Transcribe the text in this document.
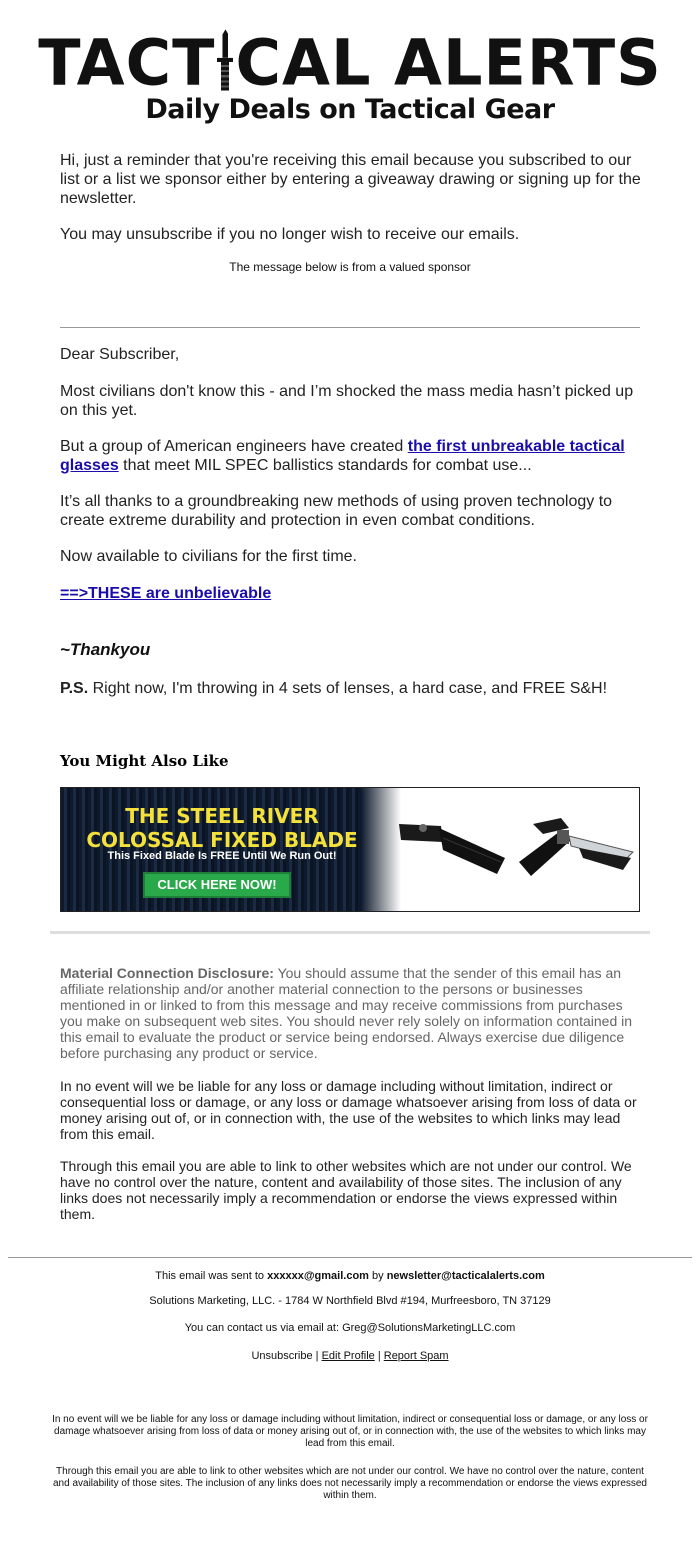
TACT CAL ALERTS
Daily Deals on Tactical Gear
Hi, just a reminder that you're receiving this email because you subscribed to our list or a list we sponsor either by entering a giveaway drawing or signing up for the newsletter.
You may unsubscribe if you no longer wish to receive our emails.
The message below is from a valued sponsor
Dear Subscriber,
Most civilians don't know this - and I’m shocked the mass media hasn’t picked up on this yet.
But a group of American engineers have created the first unbreakable tactical glasses that meet MIL SPEC ballistics standards for combat use...
It’s all thanks to a groundbreaking new methods of using proven technology to create extreme durability and protection in even combat conditions.
Now available to civilians for the first time.
==>THESE are unbelievable
~Thankyou
P.S. Right now, I'm throwing in 4 sets of lenses, a hard case, and FREE S&H!
You Might Also Like
THE STEEL RIVER
COLOSSAL FIXED BLADE
This Fixed Blade Is FREE Until We Run Out!
CLICK HERE NOW!
Material Connection Disclosure: You should assume that the sender of this email has an affiliate relationship and/or another material connection to the persons or businesses mentioned in or linked to from this message and may receive commissions from purchases you make on subsequent web sites. You should never rely solely on information contained in this email to evaluate the product or service being endorsed. Always exercise due diligence before purchasing any product or service.
In no event will we be liable for any loss or damage including without limitation, indirect or consequential loss or damage, or any loss or damage whatsoever arising from loss of data or money arising out of, or in connection with, the use of the websites to which links may lead from this email.
Through this email you are able to link to other websites which are not under our control. We have no control over the nature, content and availability of those sites. The inclusion of any links does not necessarily imply a recommendation or endorse the views expressed within them.
This email was sent to xxxxxx@gmail.com by newsletter@tacticalalerts.com
Solutions Marketing, LLC. - 1784 W Northfield Blvd #194, Murfreesboro, TN 37129
You can contact us via email at: Greg@SolutionsMarketingLLC.com
Unsubscribe | Edit Profile | Report Spam
In no event will we be liable for any loss or damage including without limitation, indirect or consequential loss or damage, or any loss or damage whatsoever arising from loss of data or money arising out of, or in connection with, the use of the websites to which links may lead from this email.
Through this email you are able to link to other websites which are not under our control. We have no control over the nature, content and availability of those sites. The inclusion of any links does not necessarily imply a recommendation or endorse the views expressed within them.
